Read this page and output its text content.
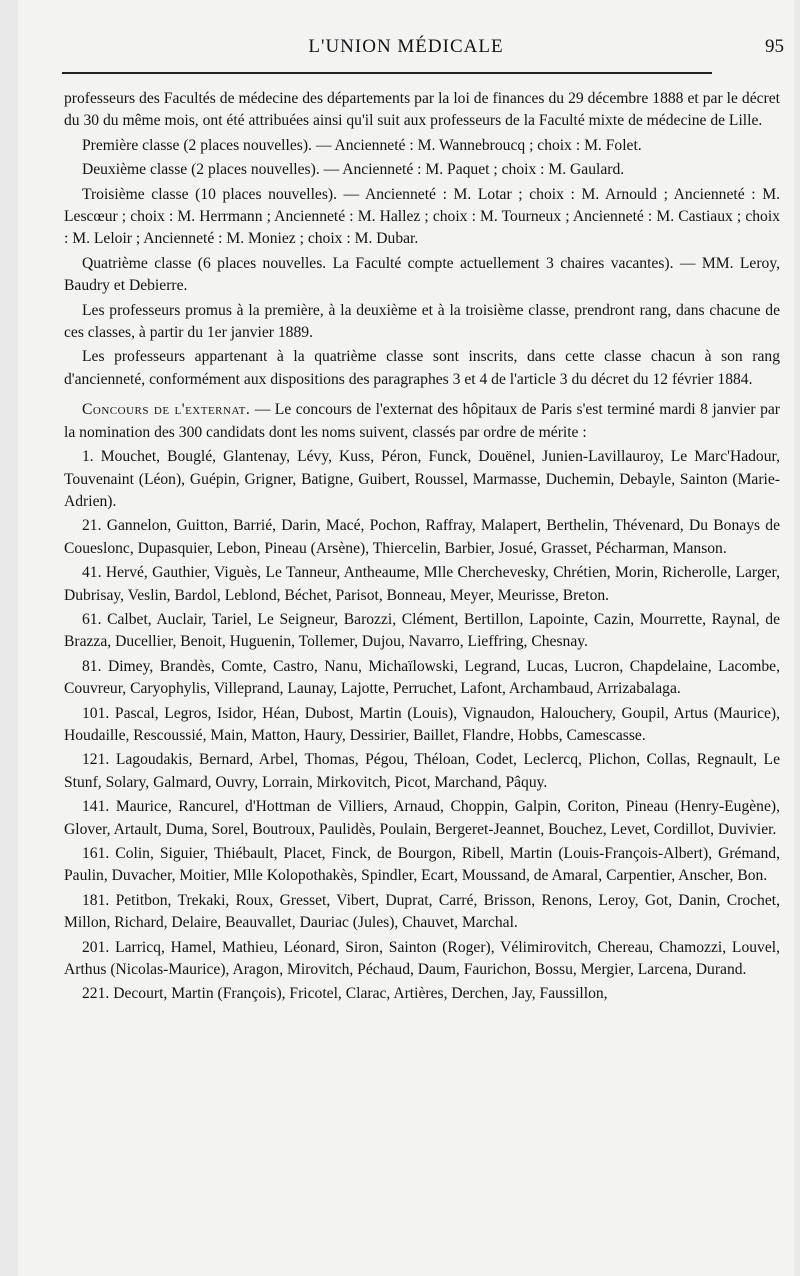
L'UNION MÉDICALE	95

professeurs des Facultés de médecine des départements par la loi de finances du 29 décembre 1888 et par le décret du 30 du même mois, ont été attribuées ainsi qu'il suit aux professeurs de la Faculté mixte de médecine de Lille.

Première classe (2 places nouvelles). — Ancienneté : M. Wannebroucq ; choix : M. Folet.

Deuxième classe (2 places nouvelles). — Ancienneté : M. Paquet ; choix : M. Gaulard.

Troisième classe (10 places nouvelles). — Ancienneté : M. Lotar ; choix : M. Arnould ; Ancienneté : M. Lescœur ; choix : M. Herrmann ; Ancienneté : M. Hallez ; choix : M. Tourneux ; Ancienneté : M. Castiaux ; choix : M. Leloir ; Ancienneté : M. Moniez ; choix : M. Dubar.

Quatrième classe (6 places nouvelles. La Faculté compte actuellement 3 chaires vacantes). — MM. Leroy, Baudry et Debierre.

Les professeurs promus à la première, à la deuxième et à la troisième classe, prendront rang, dans chacune de ces classes, à partir du 1er janvier 1889.

Les professeurs appartenant à la quatrième classe sont inscrits, dans cette classe chacun à son rang d'ancienneté, conformément aux dispositions des paragraphes 3 et 4 de l'article 3 du décret du 12 février 1884.

Concours de l'externat. — Le concours de l'externat des hôpitaux de Paris s'est terminé mardi 8 janvier par la nomination des 300 candidats dont les noms suivent, classés par ordre de mérite :

1. Mouchet, Bouglé, Glantenay, Lévy, Kuss, Péron, Funck, Douënel, Junien-Lavillauroy, Le Marc'Hadour, Touvenaint (Léon), Guépin, Grigner, Batigne, Guibert, Roussel, Marmasse, Duchemin, Debayle, Sainton (Marie-Adrien).

21. Gannelon, Guitton, Barrié, Darin, Macé, Pochon, Raffray, Malapert, Berthelin, Thévenard, Du Bonays de Coueslonc, Dupasquier, Lebon, Pineau (Arsène), Thiercelin, Barbier, Josué, Grasset, Pécharman, Manson.

41. Hervé, Gauthier, Viguès, Le Tanneur, Antheaume, Mlle Cherchevesky, Chrétien, Morin, Richerolle, Larger, Dubrisay, Veslin, Bardol, Leblond, Béchet, Parisot, Bonneau, Meyer, Meurisse, Breton.

61. Calbet, Auclair, Tariel, Le Seigneur, Barozzi, Clément, Bertillon, Lapointe, Cazin, Mourrette, Raynal, de Brazza, Ducellier, Benoit, Huguenin, Tollemer, Dujou, Navarro, Lieffring, Chesnay.

81. Dimey, Brandès, Comte, Castro, Nanu, Michaïlowski, Legrand, Lucas, Lucron, Chapdelaine, Lacombe, Couvreur, Caryophylis, Villeprand, Launay, Lajotte, Perruchet, Lafont, Archambaud, Arrizabalaga.

101. Pascal, Legros, Isidor, Héan, Dubost, Martin (Louis), Vignaudon, Halouchery, Goupil, Artus (Maurice), Houdaille, Rescoussié, Main, Matton, Haury, Dessirier, Baillet, Flandre, Hobbs, Camescasse.

121. Lagoudakis, Bernard, Arbel, Thomas, Pégou, Théloan, Codet, Leclercq, Plichon, Collas, Regnault, Le Stunf, Solary, Galmard, Ouvry, Lorrain, Mirkovitch, Picot, Marchand, Pâquy.

141. Maurice, Rancurel, d'Hottman de Villiers, Arnaud, Choppin, Galpin, Coriton, Pineau (Henry-Eugène), Glover, Artault, Duma, Sorel, Boutroux, Paulidès, Poulain, Bergeret-Jeannet, Bouchez, Levet, Cordillot, Duvivier.

161. Colin, Siguier, Thiébault, Placet, Finck, de Bourgon, Ribell, Martin (Louis-François-Albert), Grémand, Paulin, Duvacher, Moitier, Mlle Kolopothakès, Spindler, Ecart, Moussand, de Amaral, Carpentier, Anscher, Bon.

181. Petitbon, Trekaki, Roux, Gresset, Vibert, Duprat, Carré, Brisson, Renons, Leroy, Got, Danin, Crochet, Millon, Richard, Delaire, Beauvallet, Dauriac (Jules), Chauvet, Marchal.

201. Larricq, Hamel, Mathieu, Léonard, Siron, Sainton (Roger), Vélimirovitch, Chereau, Chamozzi, Louvel, Arthus (Nicolas-Maurice), Aragon, Mirovitch, Péchaud, Daum, Faurichon, Bossu, Mergier, Larcena, Durand.

221. Decourt, Martin (François), Fricotel, Clarac, Artières, Derchen, Jay, Faussillon,
